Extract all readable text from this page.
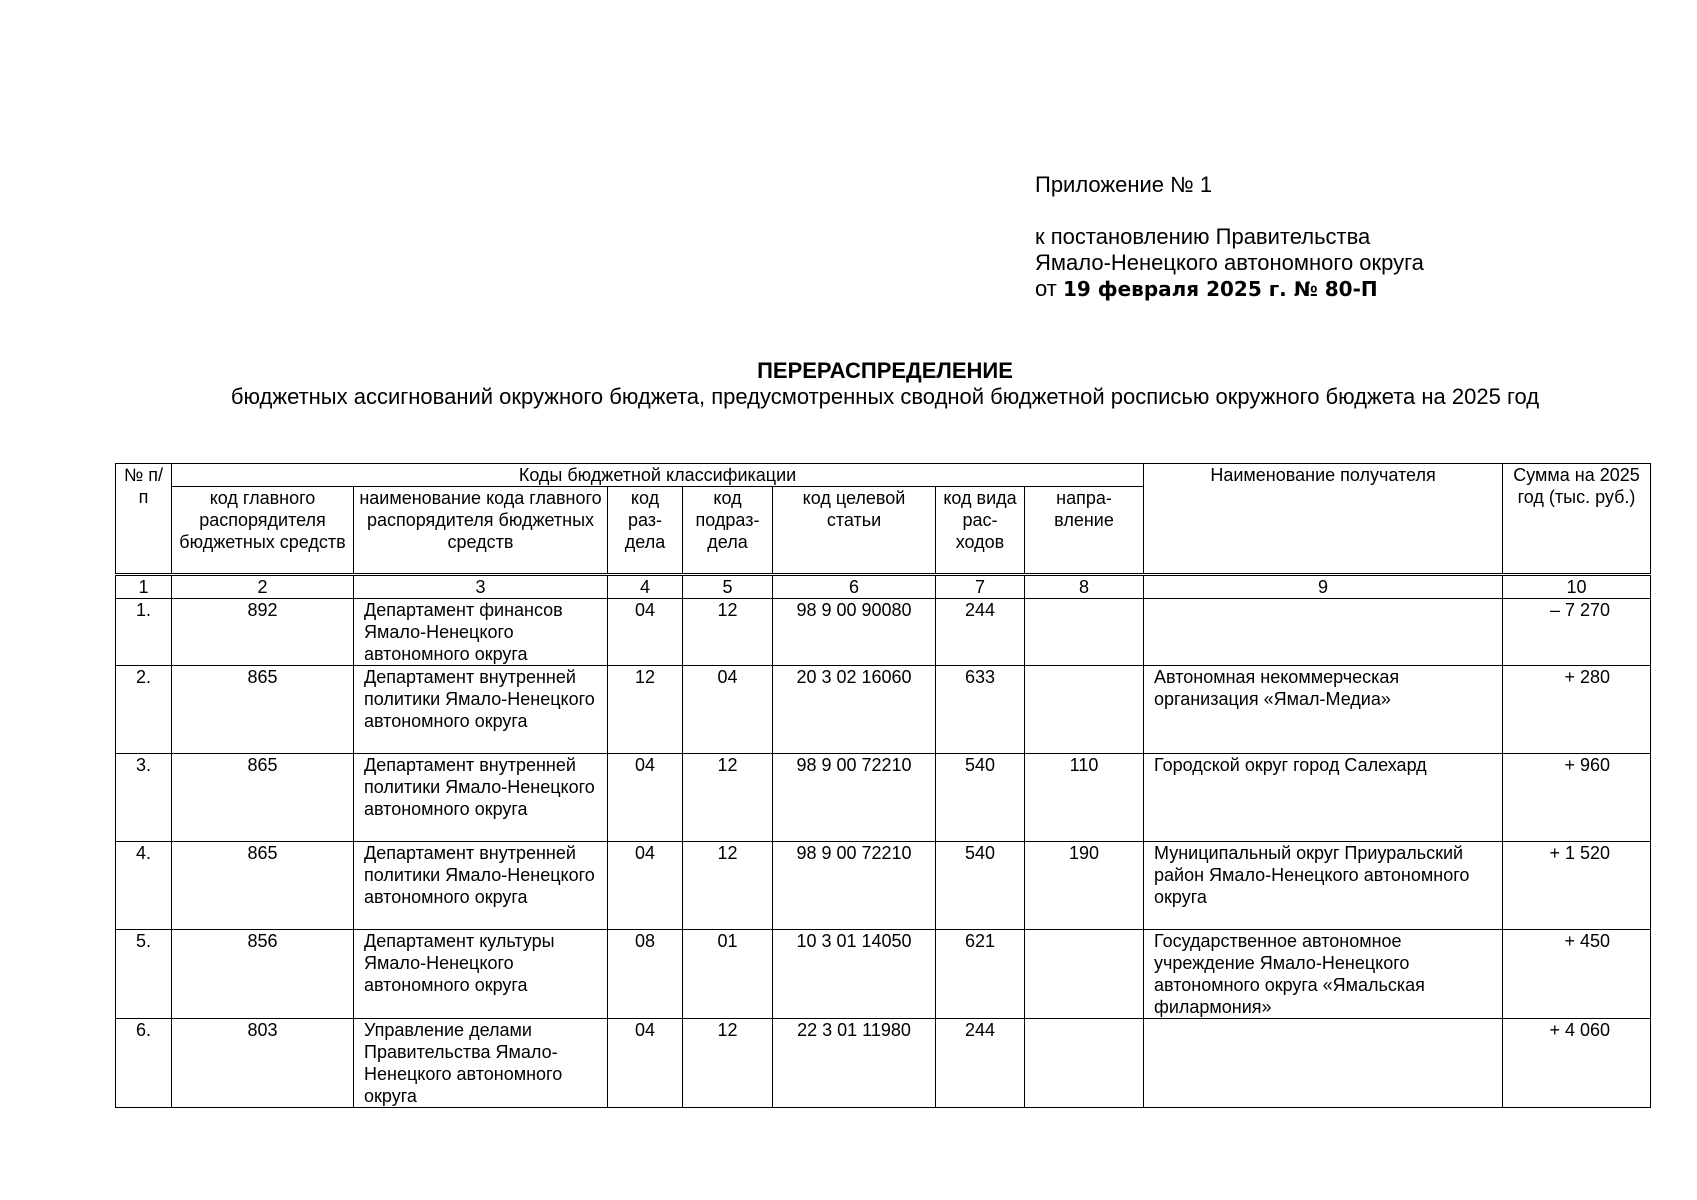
Приложение № 1

к постановлению Правительства

Ямало-Ненецкого автономного округа

от 19 февраля 2025 г. № 80-П

ПЕРЕРАСПРЕДЕЛЕНИЕ
бюджетных ассигнований окружного бюджета, предусмотренных сводной бюджетной росписью окружного бюджета на 2025 год
№ п/п	Коды бюджетной классификации							Наименование получателя	Сумма на 2025 год (тыс. руб.)
	код главного распорядителя бюджетных средств	наименование кода главного распорядителя бюджетных средств	код раз-дела	код подраз-дела	код целевой статьи	код вида рас-ходов	напра-вление		
1	2	3	4	5	6	7	8	9	10
1.	892	Департамент финансов Ямало-Ненецкого автономного округа	04	12	98 9 00 90080	244			– 7 270
2.	865	Департамент внутренней политики Ямало-Ненецкого автономного округа	12	04	20 3 02 16060	633		Автономная некоммерческая организация «Ямал-Медиа»	+ 280
3.	865	Департамент внутренней политики Ямало-Ненецкого автономного округа	04	12	98 9 00 72210	540	110	Городской округ город Салехард	+ 960
4.	865	Департамент внутренней политики Ямало-Ненецкого автономного округа	04	12	98 9 00 72210	540	190	Муниципальный округ Приуральский район Ямало-Ненецкого автономного округа	+ 1 520
5.	856	Департамент культуры Ямало-Ненецкого автономного округа	08	01	10 3 01 14050	621		Государственное автономное учреждение Ямало-Ненецкого автономного округа «Ямальская филармония»	+ 450
6.	803	Управление делами Правительства Ямало-Ненецкого автономного округа	04	12	22 3 01 11980	244			+ 4 060
